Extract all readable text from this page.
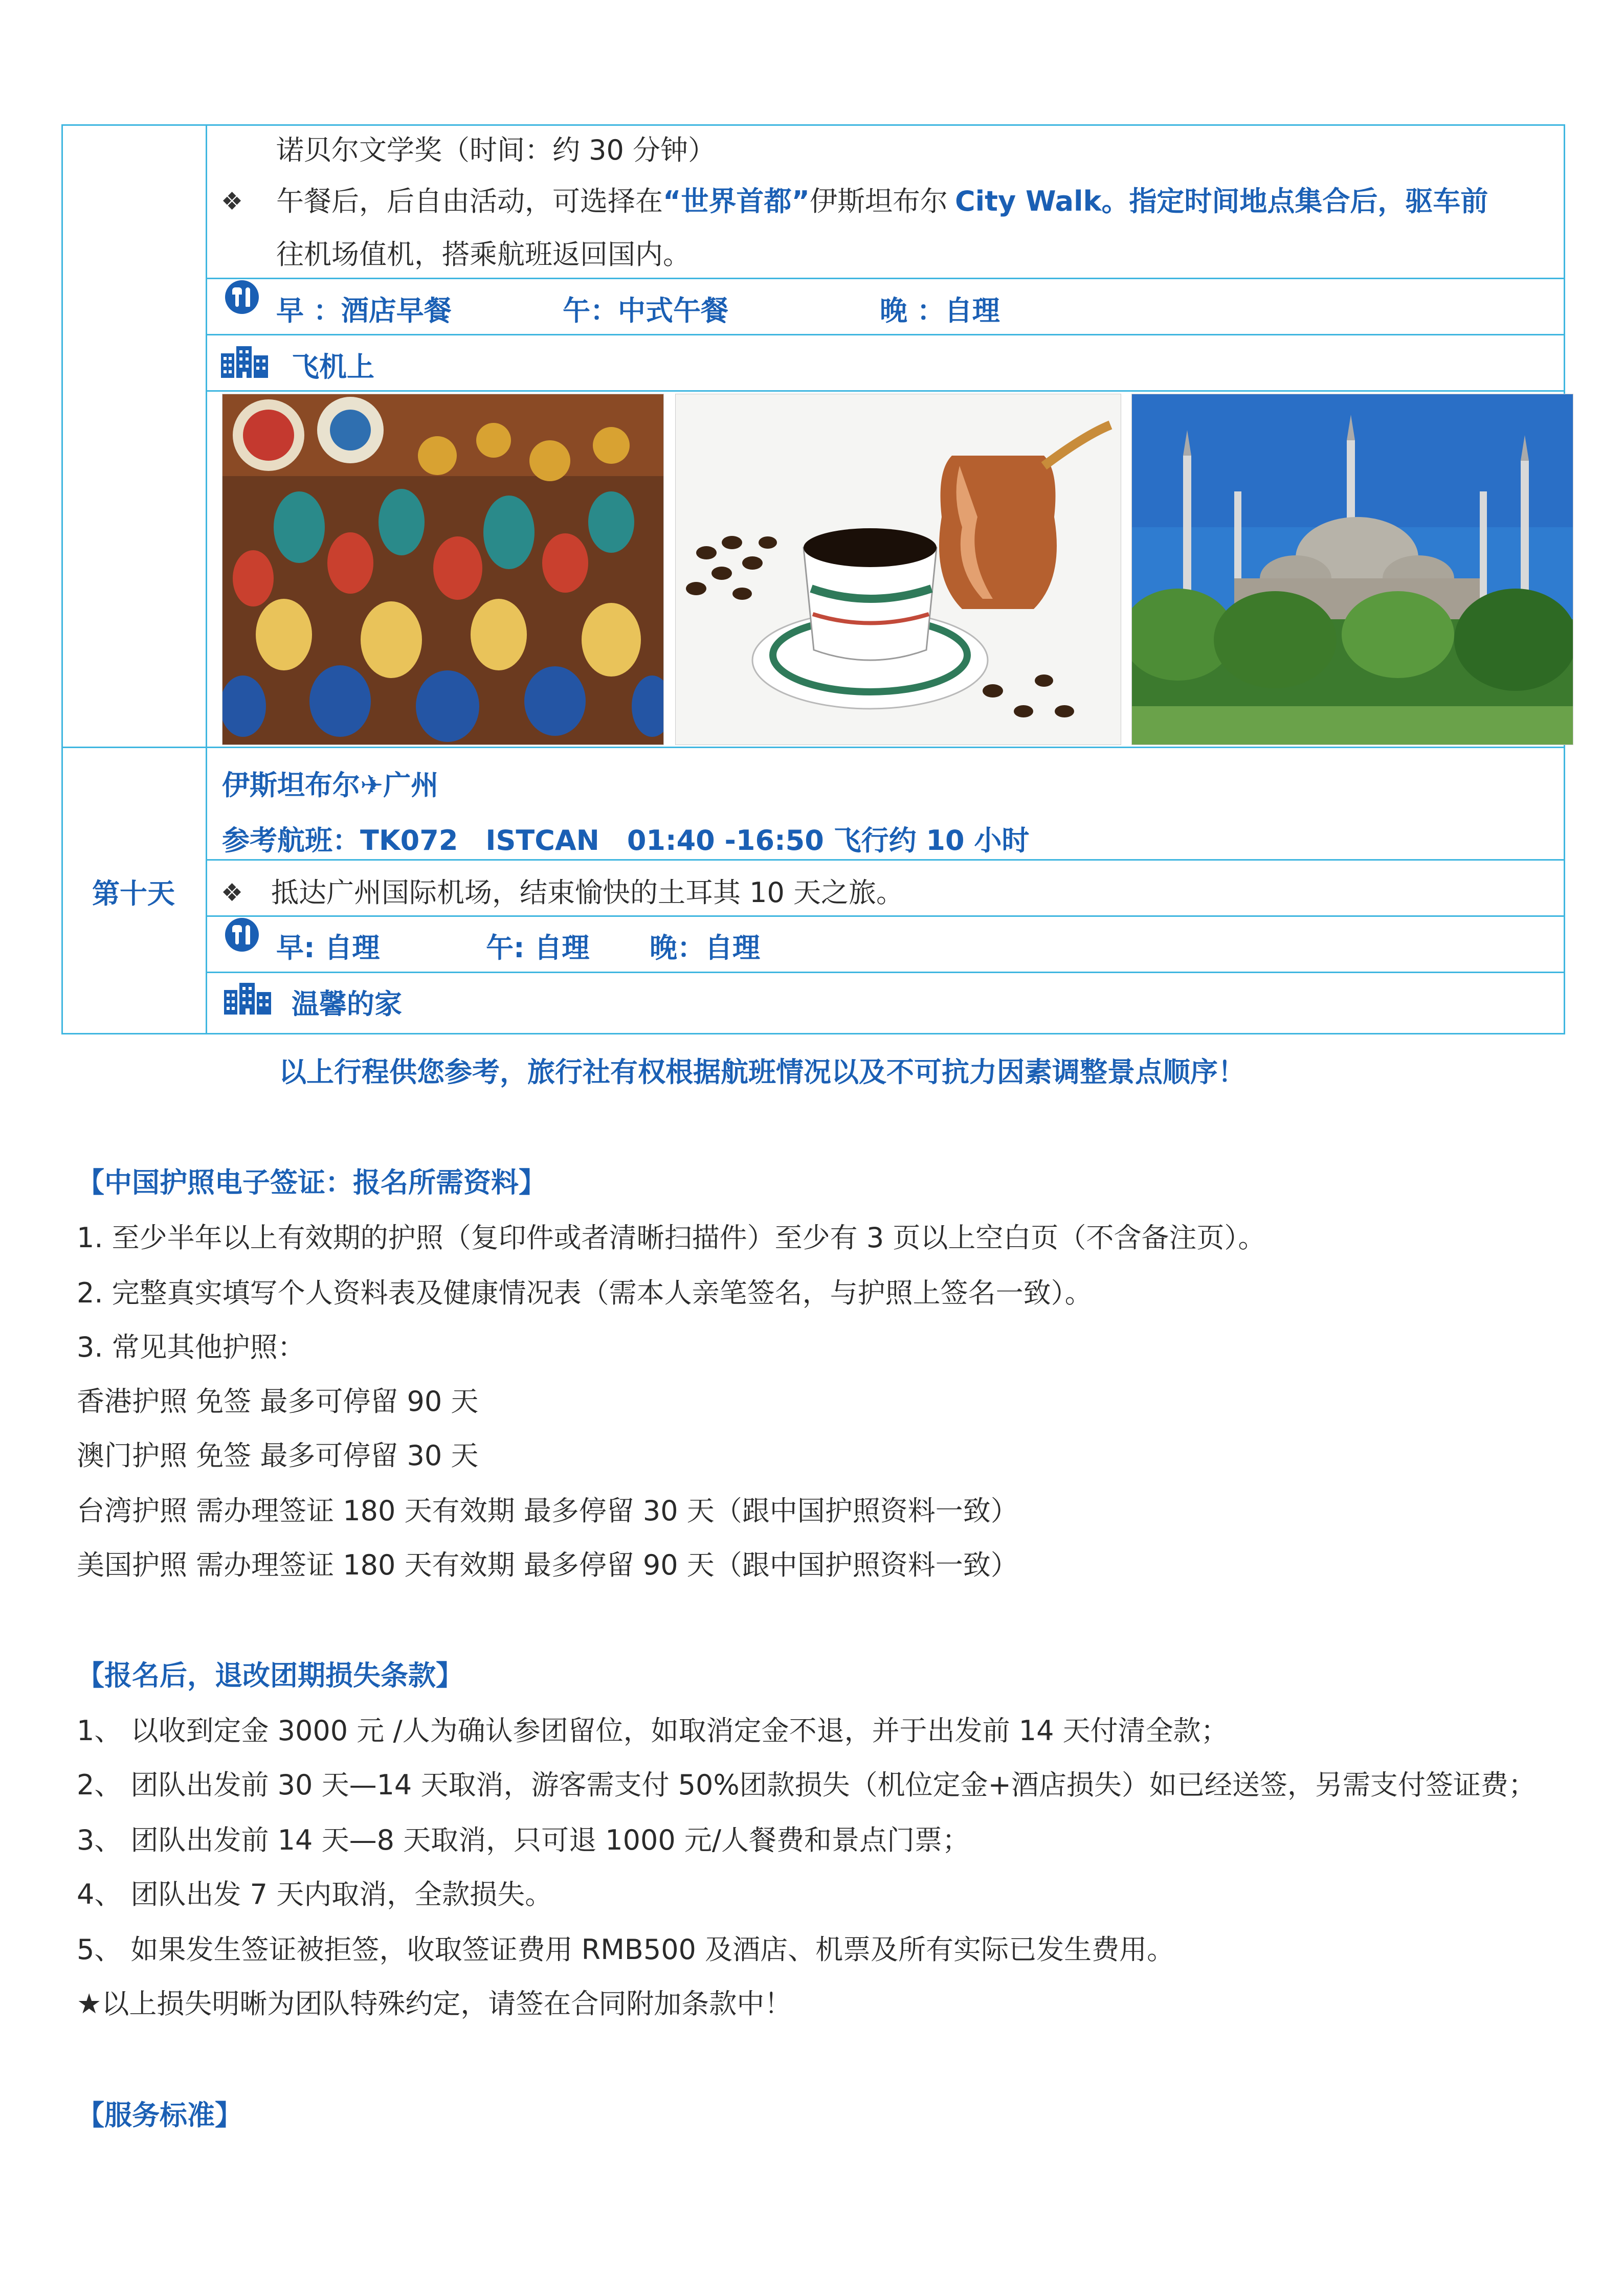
诺贝尔文学奖（时间：约 30 分钟）
❖ 午餐后，后自由活动，可选择在“世界首都”伊斯坦布尔 City Walk。指定时间地点集合后，驱车前
往机场值机，搭乘航班返回国内。
早 ：酒店早餐	午：中式午餐	晚 ：自理
飞机上
第十天
伊斯坦布尔✈广州
参考航班：TK072　ISTCAN　01:40 -16:50 飞行约 10 小时
❖ 抵达广州国际机场，结束愉快的土耳其 10 天之旅。
早: 自理	午: 自理 晚：自理
温馨的家
以上行程供您参考，旅行社有权根据航班情况以及不可抗力因素调整景点顺序！
【中国护照电子签证：报名所需资料】
1. 至少半年以上有效期的护照（复印件或者清晰扫描件）至少有 3 页以上空白页（不含备注页）。
2. 完整真实填写个人资料表及健康情况表（需本人亲笔签名，与护照上签名一致）。
3. 常见其他护照：
香港护照 免签 最多可停留 90 天
澳门护照 免签 最多可停留 30 天
台湾护照 需办理签证 180 天有效期 最多停留 30 天（跟中国护照资料一致）
美国护照 需办理签证 180 天有效期 最多停留 90 天（跟中国护照资料一致）
【报名后，退改团期损失条款】
1、 以收到定金 3000 元 /人为确认参团留位，如取消定金不退，并于出发前 14 天付清全款；
2、 团队出发前 30 天—14 天取消，游客需支付 50%团款损失（机位定金+酒店损失）如已经送签，另需支付签证费；
3、 团队出发前 14 天—8 天取消，只可退 1000 元/人餐费和景点门票；
4、 团队出发 7 天内取消，全款损失。
5、 如果发生签证被拒签，收取签证费用 RMB500 及酒店、机票及所有实际已发生费用。
★以上损失明晰为团队特殊约定，请签在合同附加条款中！
【服务标准】
